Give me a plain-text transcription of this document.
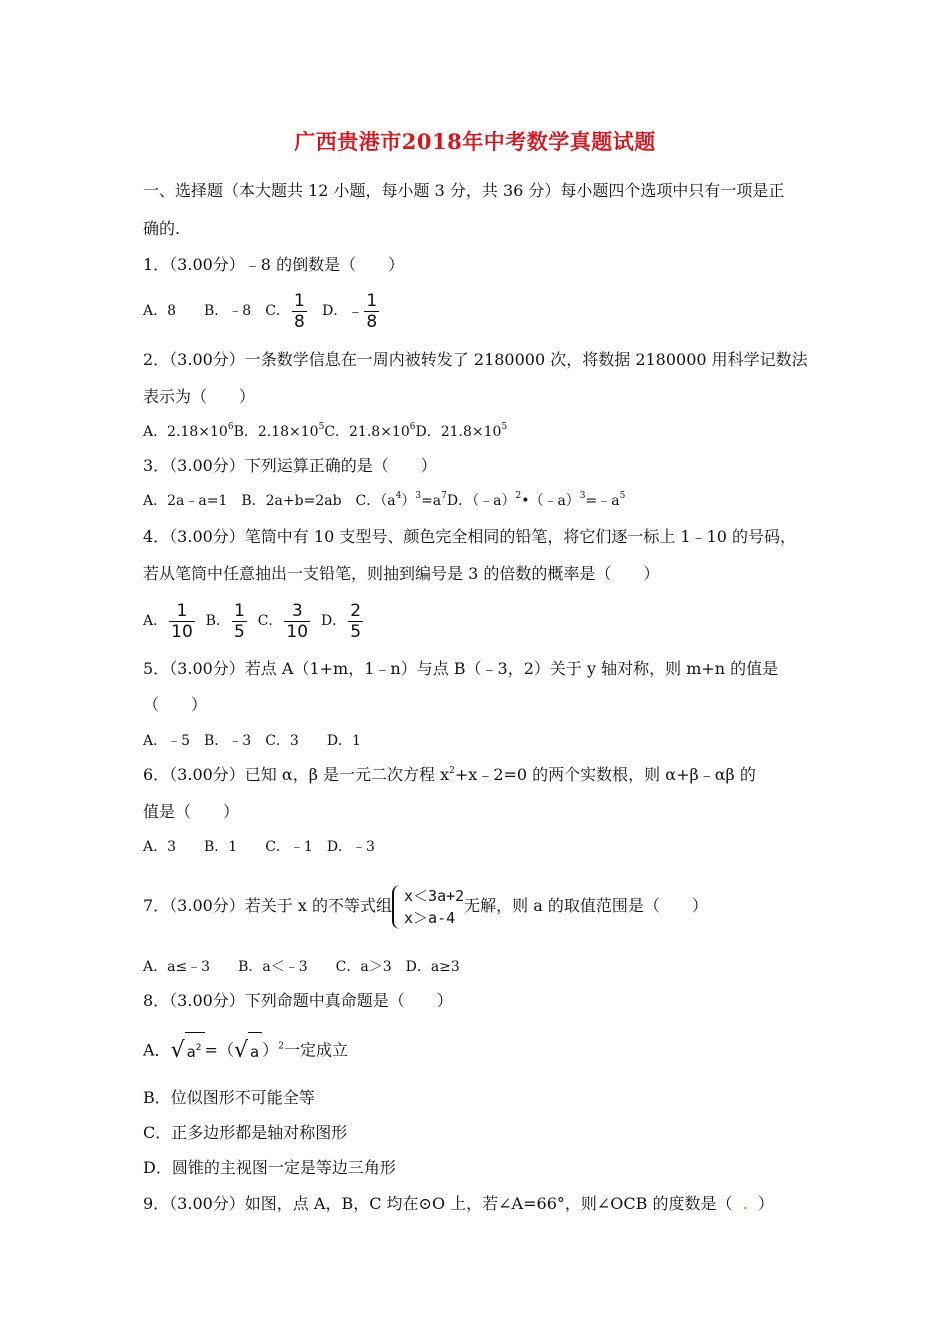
广西贵港市2018年中考数学真题试题
一、选择题（本大题共 12 小题，每小题 3 分，共 36 分）每小题四个选项中只有一项是正
确的.
1．（3.00分）﹣8 的倒数是（　　）
A．8　　B．﹣8　C． $\frac{1}{8}$ D．﹣ $\frac{1}{8}$
2．（3.00分）一条数学信息在一周内被转发了 2180000 次，将数据 2180000 用科学记数法
表示为（　　）
A．$2.18\times 10^6B$．$2.18\times 10^5C$．$21.8\times 10^6D$．$21.8\times 10^5$
3．（3.00分）下列运算正确的是（　　）
A．2a﹣a=1　B．2a+b=2ab　C．$(a^4)^3=a^7D$．$(﹣a)^2•(﹣a)^3=﹣a^5$
4．（3.00分）笔筒中有 10 支型号、颜色完全相同的铅笔，将它们逐一标上 1﹣10 的号码，
若从笔筒中任意抽出一支铅笔，则抽到编号是 3 的倍数的概率是（　　）
A． $\frac{1}{10}$ B． $\frac{1}{5}$ C． $\frac{3}{10}$ D． $\frac{2}{5}$
5．（3.00分）若点 A（1+m，1﹣n）与点 B（﹣3，2）关于 y 轴对称，则 m+n 的值是
（　　）
A．﹣5　B．﹣3　C．3　　D．1
6．（3.00分）已知 α，β 是一元二次方程 $x^2+x﹣2=0$ 的两个实数根，则 α+β﹣αβ 的
值是（　　）
A．3　　B．1　　C．﹣1　D．﹣3
7．（3.00分）若关于 x 的不等式组
x＜3a+2
x＞a-4
无解，则 a 的取值范围是（　　）
A．a≤﹣3　　B．a＜﹣3　　C．a＞3　D．a≥3
8．（3.00分）下列命题中真命题是（　　）
A．√ $a^2$ =（√ a ）$^2$一定成立
B．位似图形不可能全等
C．正多边形都是轴对称图形
D．圆锥的主视图一定是等边三角形
9．（3.00分）如图，点 A，B，C 均在⊙O 上，若∠A=66°，则∠OCB 的度数是（ . ）
